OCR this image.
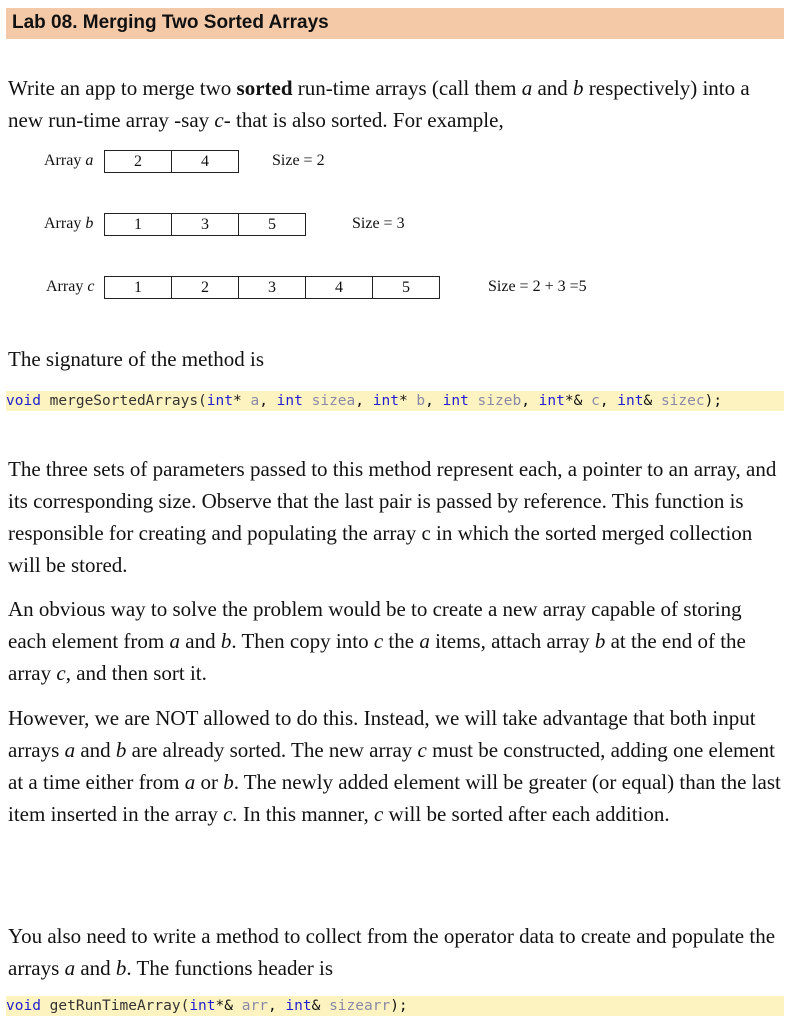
Lab 08. Merging Two Sorted Arrays

Write an app to merge two sorted run-time arrays (call them a and b respectively) into a new run-time array -say c- that is also sorted. For example,

Array a	2	4	Size = 2
Array b	1	3	5	Size = 3
Array c	1	2	3	4	5	Size = 2 + 3 =5

The signature of the method is

void mergeSortedArrays(int* a, int sizea, int* b, int sizeb, int*& c, int& sizec);

The three sets of parameters passed to this method represent each, a pointer to an array, and its corresponding size. Observe that the last pair is passed by reference. This function is responsible for creating and populating the array c in which the sorted merged collection will be stored.

An obvious way to solve the problem would be to create a new array capable of storing each element from a and b. Then copy into c the a items, attach array b at the end of the array c, and then sort it.

However, we are NOT allowed to do this. Instead, we will take advantage that both input arrays a and b are already sorted. The new array c must be constructed, adding one element at a time either from a or b. The newly added element will be greater (or equal) than the last item inserted in the array c. In this manner, c will be sorted after each addition.

You also need to write a method to collect from the operator data to create and populate the arrays a and b. The functions header is

void getRunTimeArray(int*& arr, int& sizearr);
